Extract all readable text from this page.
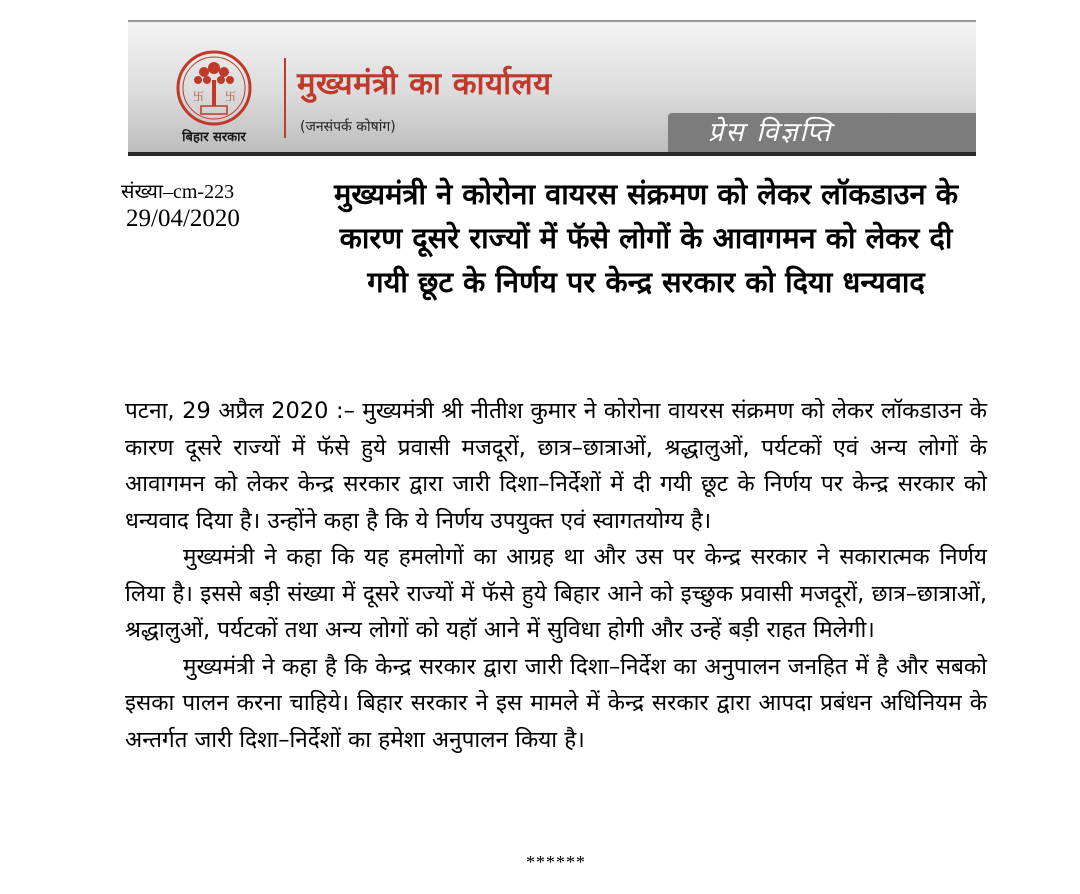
卐 卐
बिहार सरकार
मुख्यमंत्री का कार्यालय
(जनसंपर्क कोषांग)	प्रेस विज्ञप्ति
संख्या–cm-223
29/04/2020
मुख्यमंत्री ने कोरोना वायरस संक्रमण को लेकर लॉकडाउन के कारण दूसरे राज्यों में फॅसे लोगों के आवागमन को लेकर दी गयी छूट के निर्णय पर केन्द्र सरकार को दिया धन्यवाद

पटना, 29 अप्रैल 2020 :– मुख्यमंत्री श्री नीतीश कुमार ने कोरोना वायरस संक्रमण को लेकर लॉकडाउन के कारण दूसरे राज्यों में फॅसे हुये प्रवासी मजदूरों, छात्र–छात्राओं, श्रद्धालुओं, पर्यटकों एवं अन्य लोगों के आवागमन को लेकर केन्द्र सरकार द्वारा जारी दिशा–निर्देशों में दी गयी छूट के निर्णय पर केन्द्र सरकार को धन्यवाद दिया है। उन्होंने कहा है कि ये निर्णय उपयुक्त एवं स्वागतयोग्य है।

मुख्यमंत्री ने कहा कि यह हमलोगों का आग्रह था और उस पर केन्द्र सरकार ने सकारात्मक निर्णय लिया है। इससे बड़ी संख्या में दूसरे राज्यों में फॅसे हुये बिहार आने को इच्छुक प्रवासी मजदूरों, छात्र–छात्राओं, श्रद्धालुओं, पर्यटकों तथा अन्य लोगों को यहॉ आने में सुविधा होगी और उन्हें बड़ी राहत मिलेगी।

मुख्यमंत्री ने कहा है कि केन्द्र सरकार द्वारा जारी दिशा–निर्देश का अनुपालन जनहित में है और सबको इसका पालन करना चाहिये। बिहार सरकार ने इस मामले में केन्द्र सरकार द्वारा आपदा प्रबंधन अधिनियम के अन्तर्गत जारी दिशा–निर्देशों का हमेशा अनुपालन किया है।

******
